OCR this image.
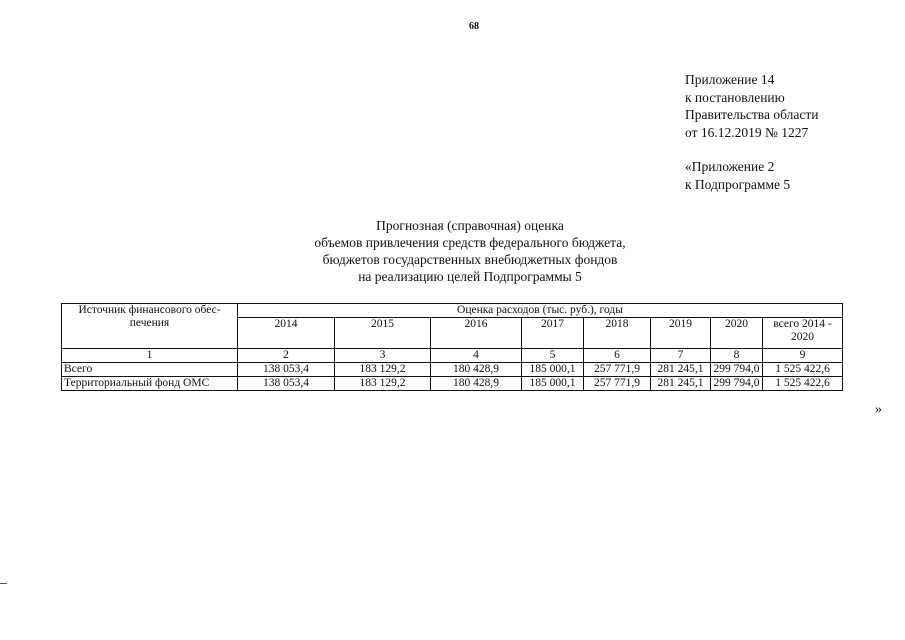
68
Приложение 14
к постановлению
Правительства области
от 16.12.2019 № 1227
«Приложение 2
к Подпрограмме 5
Прогнозная (справочная) оценка
объемов привлечения средств федерального бюджета,
бюджетов государственных внебюджетных фондов
на реализацию целей Подпрограммы 5
Источник финансового обес-
печения	Оценка расходов (тыс. руб.), годы							
	2014	2015	2016	2017	2018	2019	2020	всего 2014 - 2020
1	2	3	4	5	6	7	8	9
Всего	138 053,4	183 129,2	180 428,9	185 000,1	257 771,9	281 245,1	299 794,0	1 525 422,6
Территориальный фонд ОМС	138 053,4	183 129,2	180 428,9	185 000,1	257 771,9	281 245,1	299 794,0	1 525 422,6
»
